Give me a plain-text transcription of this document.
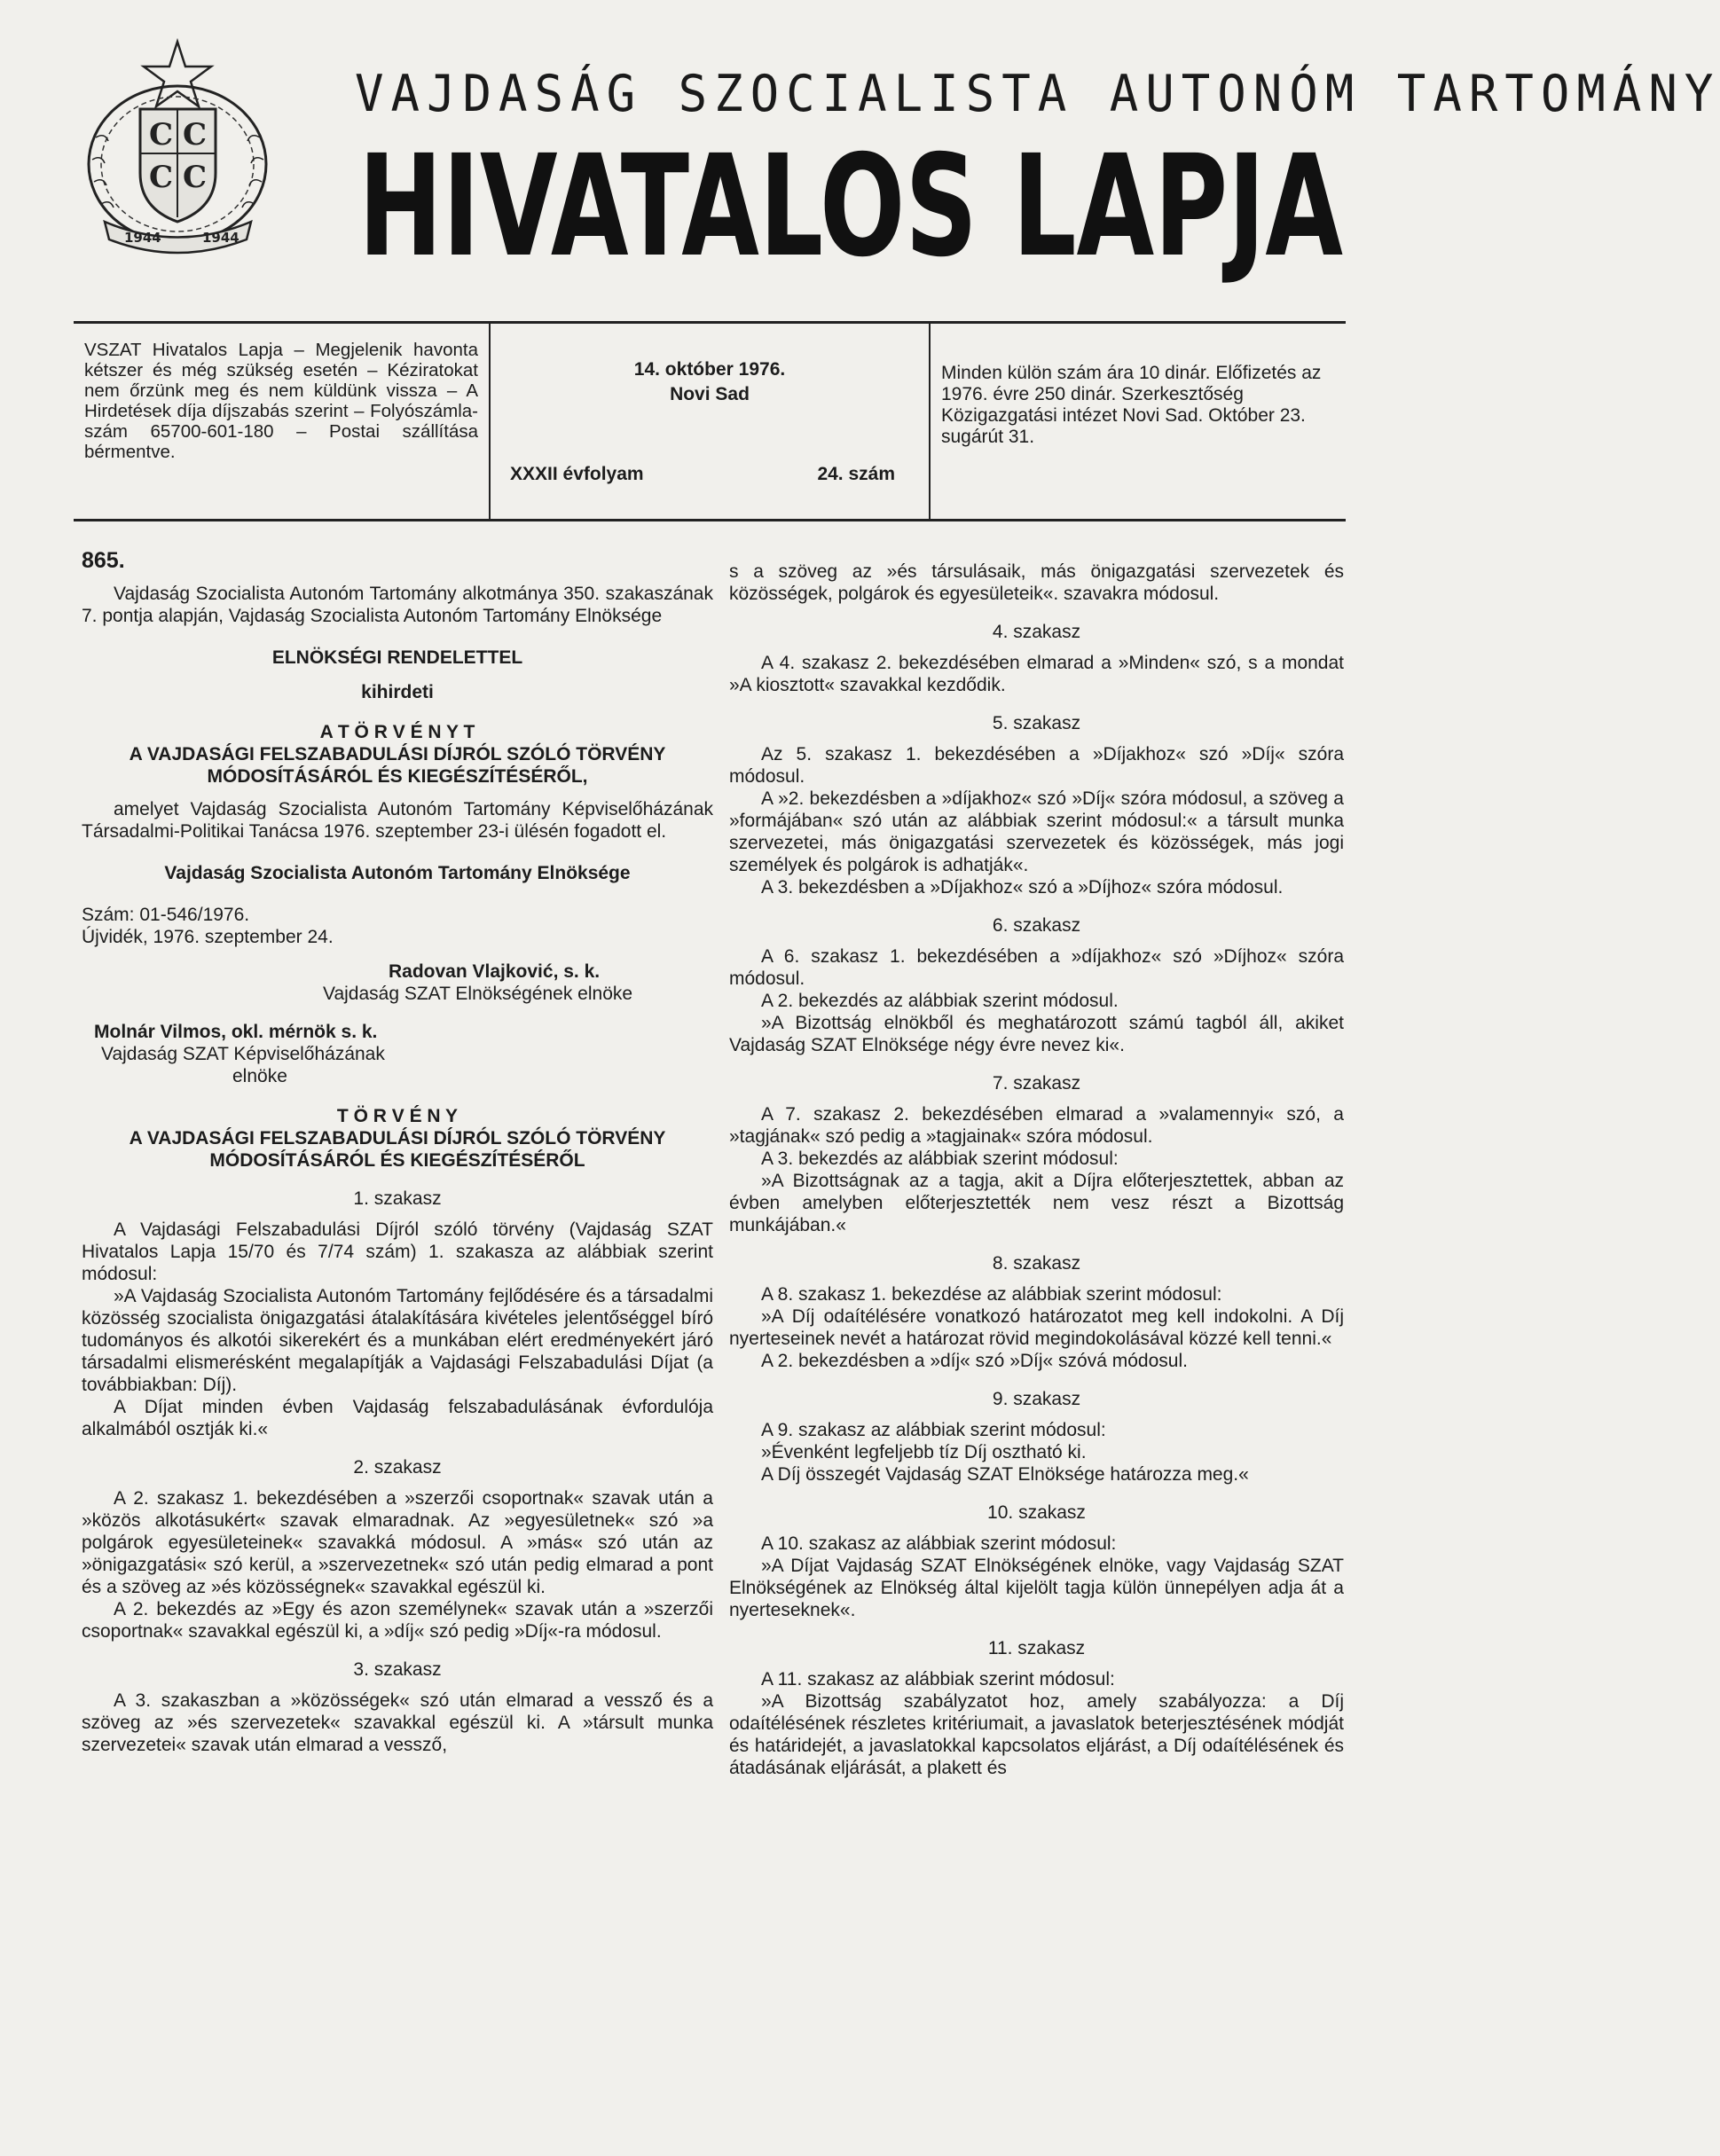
C C
C C
1944	1944
VAJDASÁG SZOCIALISTA AUTONÓM TARTOMÁNY
HIVATALOS LAPJA
VSZAT Hivatalos Lapja – Megjelenik havonta kétszer és még szükség esetén – Kéziratokat nem őrzünk meg és nem küldünk vissza – A Hirdetések díja díjszabás szerint – Folyószámla-szám 65700-601-180 – Postai szállítása bérmentve.
14. október 1976.
Novi Sad
XXXII évfolyam	24. szám
Minden külön szám ára 10 dinár. Előfizetés az 1976. évre 250 dinár. Szerkesztőség Közigazgatási intézet Novi Sad. Október 23. sugárút 31.

865.

Vajdaság Szocialista Autonóm Tartomány alkotmánya 350. szakaszának 7. pontja alapján, Vajdaság Szocialista Autonóm Tartomány Elnöksége

ELNÖKSÉGI RENDELETTEL

kihirdeti

A T Ö R V É N Y T

A VAJDASÁGI FELSZABADULÁSI DÍJRÓL SZÓLÓ TÖRVÉNY

MÓDOSÍTÁSÁRÓL ÉS KIEGÉSZÍTÉSÉRŐL,

amelyet Vajdaság Szocialista Autonóm Tartomány Képviselőházának Társadalmi-Politikai Tanácsa 1976. szeptember 23-i ülésén fogadott el.

Vajdaság Szocialista Autonóm Tartomány Elnöksége

Szám: 01-546/1976.

Újvidék, 1976. szeptember 24.

Radovan Vlajković, s. k.

Vajdaság SZAT Elnökségének elnöke

Molnár Vilmos, okl. mérnök s. k.

Vajdaság SZAT Képviselőházának

elnöke

T Ö R V É N Y

A VAJDASÁGI FELSZABADULÁSI DÍJRÓL SZÓLÓ TÖRVÉNY

MÓDOSÍTÁSÁRÓL ÉS KIEGÉSZÍTÉSÉRŐL

1. szakasz

A Vajdasági Felszabadulási Díjról szóló törvény (Vajdaság SZAT Hivatalos Lapja 15/70 és 7/74 szám) 1. szakasza az alábbiak szerint módosul:

»A Vajdaság Szocialista Autonóm Tartomány fejlődésére és a társadalmi közösség szocialista önigazgatási átalakítására kivételes jelentőséggel bíró tudományos és alkotói sikerekért és a munkában elért eredményekért járó társadalmi elismerésként megalapítják a Vajdasági Felszabadulási Díjat (a továbbiakban: Díj).

A Díjat minden évben Vajdaság felszabadulásának évfordulója alkalmából osztják ki.«

2. szakasz

A 2. szakasz 1. bekezdésében a »szerzői csoportnak« szavak után a »közös alkotásukért« szavak elmaradnak. Az »egyesületnek« szó »a polgárok egyesületeinek« szavakká módosul. A »más« szó után az »önigazgatási« szó kerül, a »szervezetnek« szó után pedig elmarad a pont és a szöveg az »és közösségnek« szavakkal egészül ki.

A 2. bekezdés az »Egy és azon személynek« szavak után a »szerzői csoportnak« szavakkal egészül ki, a »díj« szó pedig »Díj«-ra módosul.

3. szakasz

A 3. szakaszban a »közösségek« szó után elmarad a vessző és a szöveg az »és szervezetek« szavakkal egészül ki. A »társult munka szervezetei« szavak után elmarad a vessző,

s a szöveg az »és társulásaik, más önigazgatási szervezetek és közösségek, polgárok és egyesületeik«. szavakra módosul.

4. szakasz

A 4. szakasz 2. bekezdésében elmarad a »Minden« szó, s a mondat »A kiosztott« szavakkal kezdődik.

5. szakasz

Az 5. szakasz 1. bekezdésében a »Díjakhoz« szó »Díj« szóra módosul.

A »2. bekezdésben a »díjakhoz« szó »Díj« szóra módosul, a szöveg a »formájában« szó után az alábbiak szerint módosul:« a társult munka szervezetei, más önigazgatási szervezetek és közösségek, más jogi személyek és polgárok is adhatják«.

A 3. bekezdésben a »Díjakhoz« szó a »Díjhoz« szóra módosul.

6. szakasz

A 6. szakasz 1. bekezdésében a »díjakhoz« szó »Díjhoz« szóra módosul.

A 2. bekezdés az alábbiak szerint módosul.

»A Bizottság elnökből és meghatározott számú tagból áll, akiket Vajdaság SZAT Elnöksége négy évre nevez ki«.

7. szakasz

A 7. szakasz 2. bekezdésében elmarad a »valamennyi« szó, a »tagjának« szó pedig a »tagjainak« szóra módosul.

A 3. bekezdés az alábbiak szerint módosul:

»A Bizottságnak az a tagja, akit a Díjra előterjesztettek, abban az évben amelyben előterjesztették nem vesz részt a Bizottság munkájában.«

8. szakasz

A 8. szakasz 1. bekezdése az alábbiak szerint módosul:

»A Díj odaítélésére vonatkozó határozatot meg kell indokolni. A Díj nyerteseinek nevét a határozat rövid megindokolásával közzé kell tenni.«

A 2. bekezdésben a »díj« szó »Díj« szóvá módosul.

9. szakasz

A 9. szakasz az alábbiak szerint módosul:

»Évenként legfeljebb tíz Díj osztható ki.

A Díj összegét Vajdaság SZAT Elnöksége határozza meg.«

10. szakasz

A 10. szakasz az alábbiak szerint módosul:

»A Díjat Vajdaság SZAT Elnökségének elnöke, vagy Vajdaság SZAT Elnökségének az Elnökség által kijelölt tagja külön ünnepélyen adja át a nyerteseknek«.

11. szakasz

A 11. szakasz az alábbiak szerint módosul:

»A Bizottság szabályzatot hoz, amely szabályozza: a Díj odaítélésének részletes kritériumait, a javaslatok beterjesztésének módját és határidejét, a javaslatokkal kapcsolatos eljárást, a Díj odaítélésének és átadásának eljárását, a plakett és
